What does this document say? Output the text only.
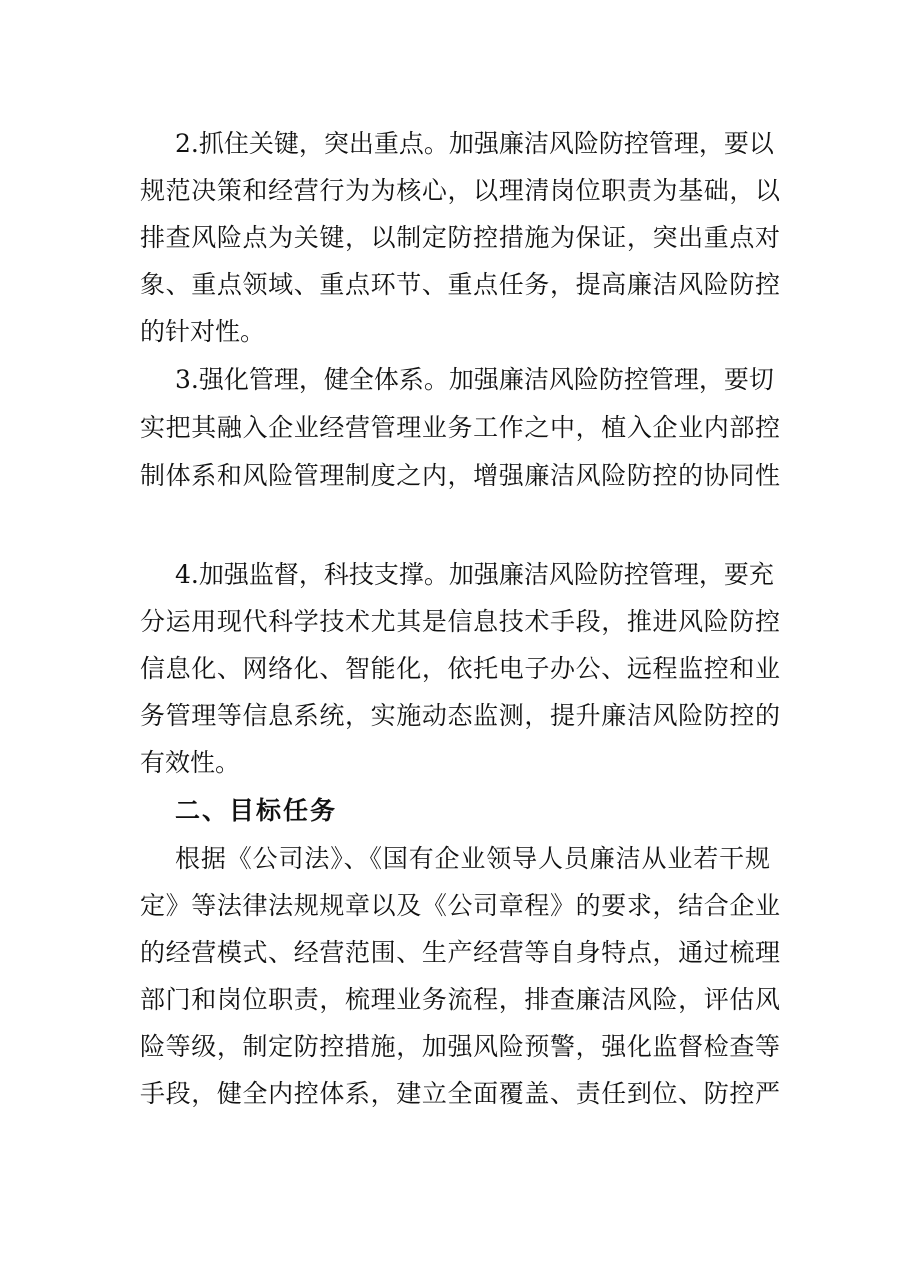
2.抓住关键，突出重点。加强廉洁风险防控管理，要以
规范决策和经营行为为核心，以理清岗位职责为基础，以
排查风险点为关键，以制定防控措施为保证，突出重点对
象、重点领域、重点环节、重点任务，提高廉洁风险防控
的针对性。
3.强化管理，健全体系。加强廉洁风险防控管理，要切
实把其融入企业经营管理业务工作之中，植入企业内部控
制体系和风险管理制度之内，增强廉洁风险防控的协同性
4.加强监督，科技支撑。加强廉洁风险防控管理，要充
分运用现代科学技术尤其是信息技术手段，推进风险防控
信息化、网络化、智能化，依托电子办公、远程监控和业
务管理等信息系统，实施动态监测，提升廉洁风险防控的
有效性。
二、目标任务
根据《公司法》、《国有企业领导人员廉洁从业若干规
定》等法律法规规章以及《公司章程》的要求，结合企业
的经营模式、经营范围、生产经营等自身特点，通过梳理
部门和岗位职责，梳理业务流程，排查廉洁风险，评估风
险等级，制定防控措施，加强风险预警，强化监督检查等
手段，健全内控体系，建立全面覆盖、责任到位、防控严
